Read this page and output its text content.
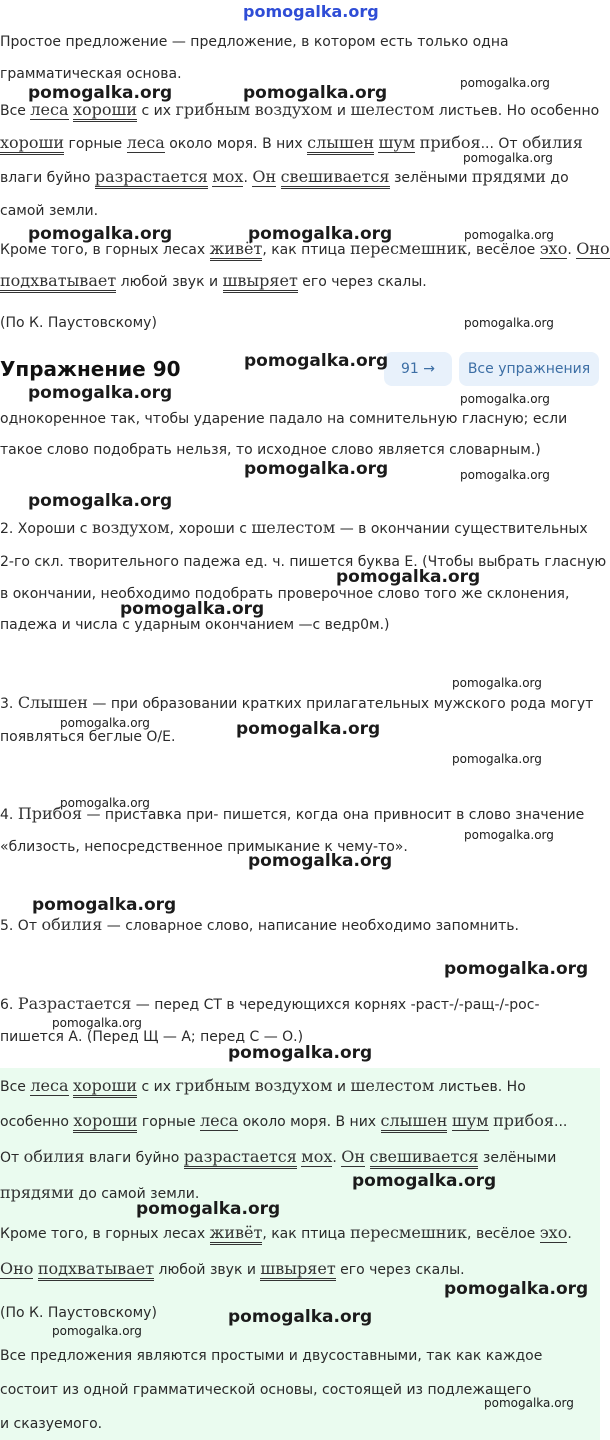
pomogalka.org
Простое предложение — предложение, в котором есть только одна
грамматическая основа.
Все леса хороши с их грибным воздухом и шелестом листьев. Но особенно
хороши горные леса около моря. В них слышен шум прибоя... От обилия
влаги буйно разрастается мох. Он свешивается зелёными прядями до
самой земли.
Кроме того, в горных лесах живёт, как птица пересмешник, весёлое эхо. Оно
подхватывает любой звук и швыряет его через скалы.
(По К. Паустовскому)
Упражнение 90	91 →	Все упражнения
однокоренное так, чтобы ударение падало на сомнительную гласную; если
такое слово подобрать нельзя, то исходное слово является словарным.)
2. Хороши с воздухом, хороши с шелестом — в окончании существительных
2-го скл. творительного падежа ед. ч. пишется буква Е. (Чтобы выбрать гласную
в окончании, необходимо подобрать проверочное слово того же склонения,
падежа и числа с ударным окончанием —с ведр0м.)
3. Слышен — при образовании кратких прилагательных мужского рода могут
появляться беглые О/Е.
4. Прибоя — приставка при- пишется, когда она привносит в слово значение
«близость, непосредственное примыкание к чему-то».
5. От обилия — словарное слово, написание необходимо запомнить.
6. Разрастается — перед СТ в чередующихся корнях -раст-/-ращ-/-рос-
пишется А. (Перед Щ — А; перед С — О.)
Все леса хороши с их грибным воздухом и шелестом листьев. Но
особенно хороши горные леса около моря. В них слышен шум прибоя...
От обилия влаги буйно разрастается мох. Он свешивается зелёными
прядями до самой земли.
Кроме того, в горных лесах живёт, как птица пересмешник, весёлое эхо.
Оно подхватывает любой звук и швыряет его через скалы.
(По К. Паустовскому)
Все предложения являются простыми и двусоставными, так как каждое
состоит из одной грамматической основы, состоящей из подлежащего
и сказуемого.
pomogalka.org	pomogalka.org	pomogalka.org
pomogalka.org
pomogalka.org	pomogalka.org	pomogalka.org
pomogalka.org
pomogalka.org
pomogalka.org	pomogalka.org
pomogalka.org	pomogalka.org
pomogalka.org
pomogalka.org
pomogalka.org
pomogalka.org
pomogalka.org	pomogalka.org
pomogalka.org
pomogalka.org
pomogalka.org
pomogalka.org
pomogalka.org
pomogalka.org
pomogalka.org
pomogalka.org
pomogalka.org
pomogalka.org
pomogalka.org
pomogalka.org
pomogalka.org
pomogalka.org
